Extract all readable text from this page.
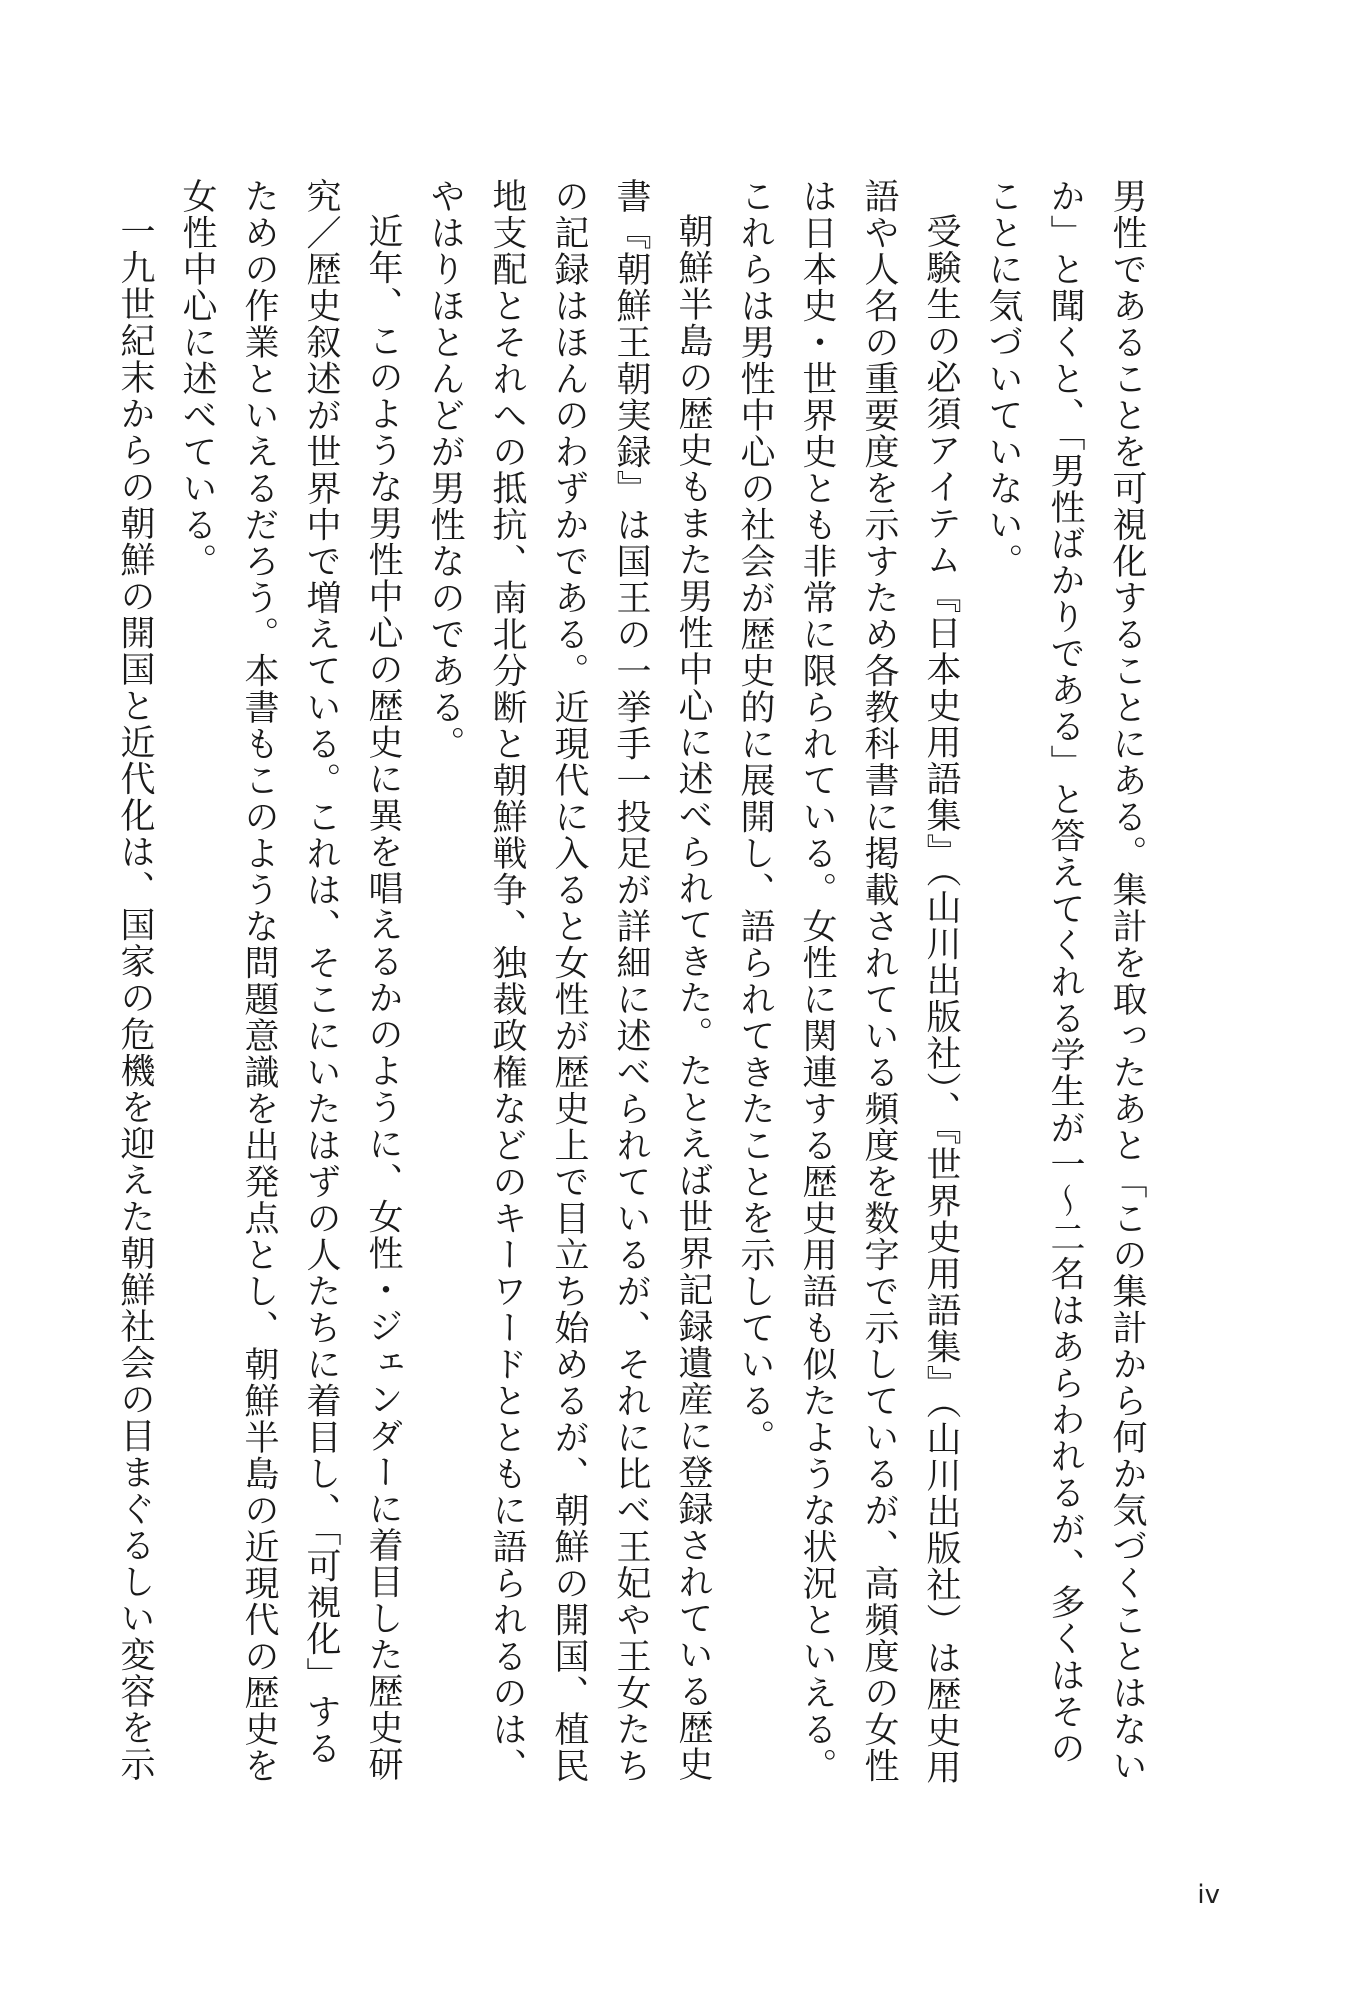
男性であることを可視化することにある。集計を取ったあと「この集計から何か気づくことはないか」と聞くと、「男性ばかりである」と答えてくれる学生が一〜二名はあらわれるが、多くはそのことに気づいていない。

受験生の必須アイテム『日本史用語集』（山川出版社）、『世界史用語集』（山川出版社）は歴史用語や人名の重要度を示すため各教科書に掲載されている頻度を数字で示しているが、高頻度の女性は日本史・世界史とも非常に限られている。女性に関連する歴史用語も似たような状況といえる。これらは男性中心の社会が歴史的に展開し、語られてきたことを示している。

朝鮮半島の歴史もまた男性中心に述べられてきた。たとえば世界記録遺産に登録されている歴史書『朝鮮王朝実録』は国王の一挙手一投足が詳細に述べられているが、それに比べ王妃や王女たちの記録はほんのわずかである。近現代に入ると女性が歴史上で目立ち始めるが、朝鮮の開国、植民地支配とそれへの抵抗、南北分断と朝鮮戦争、独裁政権などのキーワードとともに語られるのは、やはりほとんどが男性なのである。

近年、このような男性中心の歴史に異を唱えるかのように、女性・ジェンダーに着目した歴史研究／歴史叙述が世界中で増えている。これは、そこにいたはずの人たちに着目し、「可視化」するための作業といえるだろう。本書もこのような問題意識を出発点とし、朝鮮半島の近現代の歴史を女性中心に述べている。

一九世紀末からの朝鮮の開国と近代化は、国家の危機を迎えた朝鮮社会の目まぐるしい変容を示

iv
